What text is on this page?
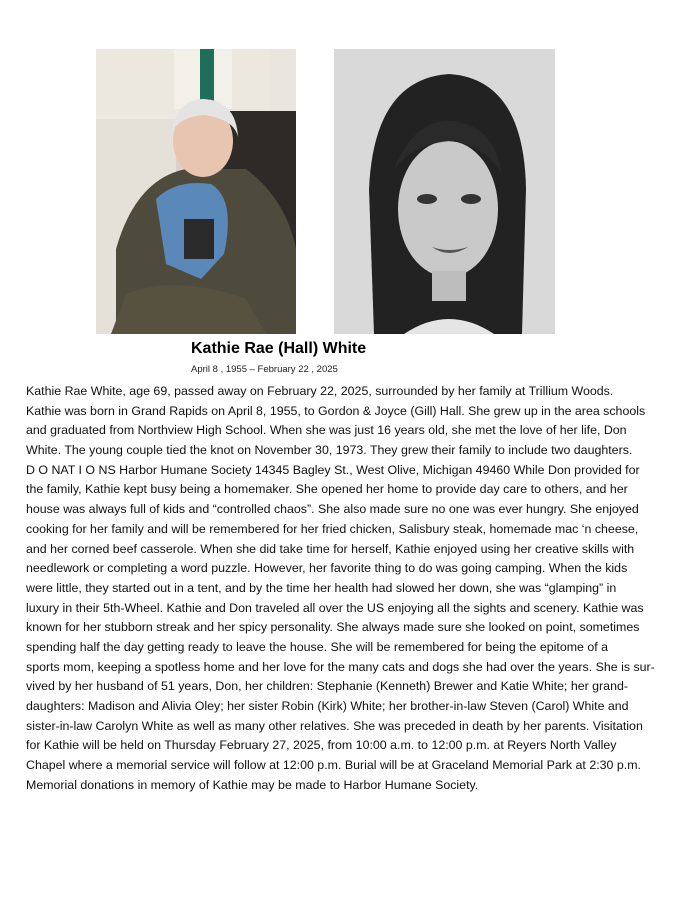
Kathie Rae (Hall) White
April 8 , 1955 – February 22 , 2025
Kathie Rae White, age 69, passed away on February 22, 2025, surrounded by her family at Trillium Woods.
Kathie was born in Grand Rapids on April 8, 1955, to Gordon & Joyce (Gill) Hall. She grew up in the area schools
and graduated from Northview High School. When she was just 16 years old, she met the love of her life, Don
White. The young couple tied the knot on November 30, 1973. They grew their family to include two daughters.
D O NAT I O NS Harbor Humane Society 14345 Bagley St., West Olive, Michigan 49460 While Don provided for
the family, Kathie kept busy being a homemaker. She opened her home to provide day care to others, and her
house was always full of kids and “controlled chaos”. She also made sure no one was ever hungry. She enjoyed
cooking for her family and will be remembered for her fried chicken, Salisbury steak, homemade mac ‘n cheese,
and her corned beef casserole. When she did take time for herself, Kathie enjoyed using her creative skills with
needlework or completing a word puzzle. However, her favorite thing to do was going camping. When the kids
were little, they started out in a tent, and by the time her health had slowed her down, she was “glamping” in
luxury in their 5th-Wheel. Kathie and Don traveled all over the US enjoying all the sights and scenery. Kathie was
known for her stubborn streak and her spicy personality. She always made sure she looked on point, sometimes
spending half the day getting ready to leave the house. She will be remembered for being the epitome of a
sports mom, keeping a spotless home and her love for the many cats and dogs she had over the years. She is sur-
vived by her husband of 51 years, Don, her children: Stephanie (Kenneth) Brewer and Katie White; her grand-
daughters: Madison and Alivia Oley; her sister Robin (Kirk) White; her brother-in-law Steven (Carol) White and
sister-in-law Carolyn White as well as many other relatives. She was preceded in death by her parents. Visitation
for Kathie will be held on Thursday February 27, 2025, from 10:00 a.m. to 12:00 p.m. at Reyers North Valley
Chapel where a memorial service will follow at 12:00 p.m. Burial will be at Graceland Memorial Park at 2:30 p.m.
Memorial donations in memory of Kathie may be made to Harbor Humane Society.
